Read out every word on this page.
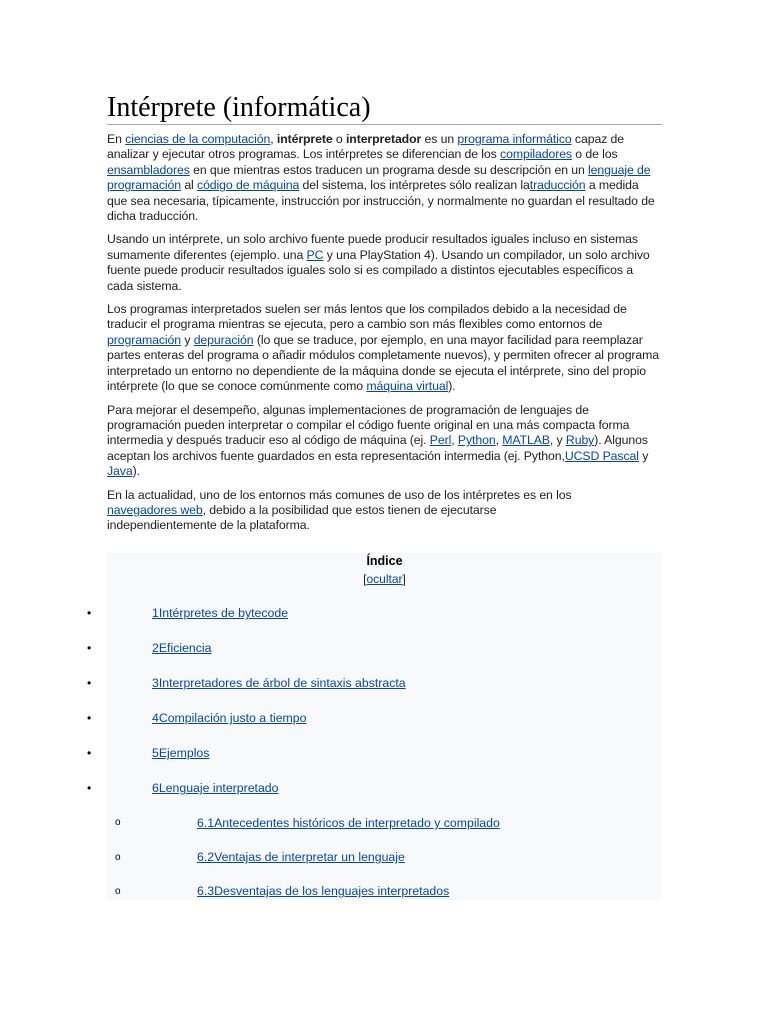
Intérprete (informática)

En ciencias de la computación, intérprete o interpretador es un programa informático capaz de analizar y ejecutar otros programas. Los intérpretes se diferencian de los compiladores o de los ensambladores en que mientras estos traducen un programa desde su descripción en un lenguaje de programación al código de máquina del sistema, los intérpretes sólo realizan latraducción a medida que sea necesaria, típicamente, instrucción por instrucción, y normalmente no guardan el resultado de dicha traducción.

Usando un intérprete, un solo archivo fuente puede producir resultados iguales incluso en sistemas sumamente diferentes (ejemplo. una PC y una PlayStation 4). Usando un compilador, un solo archivo fuente puede producir resultados iguales solo si es compilado a distintos ejecutables específicos a cada sistema.

Los programas interpretados suelen ser más lentos que los compilados debido a la necesidad de traducir el programa mientras se ejecuta, pero a cambio son más flexibles como entornos de programación y depuración (lo que se traduce, por ejemplo, en una mayor facilidad para reemplazar partes enteras del programa o añadir módulos completamente nuevos), y permiten ofrecer al programa interpretado un entorno no dependiente de la máquina donde se ejecuta el intérprete, sino del propio intérprete (lo que se conoce comúnmente como máquina virtual).

Para mejorar el desempeño, algunas implementaciones de programación de lenguajes de programación pueden interpretar o compilar el código fuente original en una más compacta forma intermedia y después traducir eso al código de máquina (ej. Perl, Python, MATLAB, y Ruby). Algunos aceptan los archivos fuente guardados en esta representación intermedia (ej. Python,UCSD Pascal y Java).

En la actualidad, uno de los entornos más comunes de uso de los intérpretes es en los navegadores web, debido a la posibilidad que estos tienen de ejecutarse independientemente de la plataforma.

Índice
[ocultar]
•	1Intérpretes de bytecode
•	2Eficiencia
•	3Interpretadores de árbol de sintaxis abstracta
•	4Compilación justo a tiempo
•	5Ejemplos
•	6Lenguaje interpretado
o	6.1Antecedentes históricos de interpretado y compilado
o	6.2Ventajas de interpretar un lenguaje
o	6.3Desventajas de los lenguajes interpretados
